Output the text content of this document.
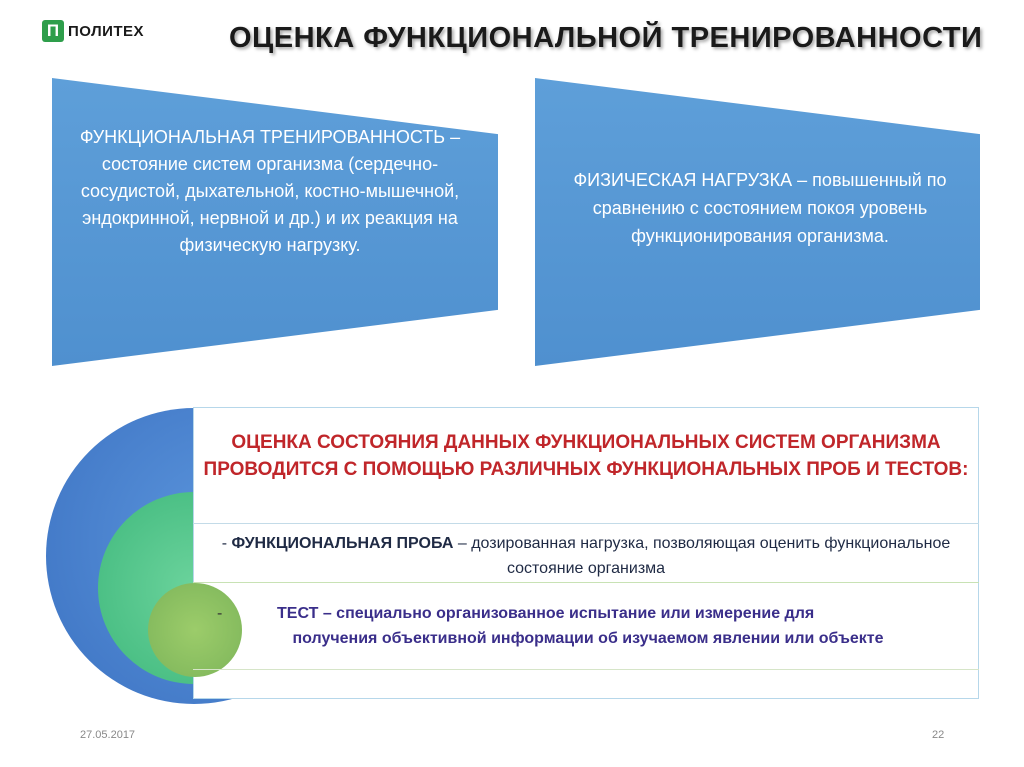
П ПОЛИТЕХ	ОЦЕНКА ФУНКЦИОНАЛЬНОЙ ТРЕНИРОВАННОСТИ
ФУНКЦИОНАЛЬНАЯ ТРЕНИРОВАННОСТЬ – состояние систем организма (сердечно-сосудистой, дыхательной, костно-мышечной, эндокринной, нервной и др.) и их реакция на физическую нагрузку.
ФИЗИЧЕСКАЯ НАГРУЗКА – повышенный по сравнению с состоянием покоя уровень функционирования организма.
ОЦЕНКА СОСТОЯНИЯ ДАННЫХ ФУНКЦИОНАЛЬНЫХ СИСТЕМ ОРГАНИЗМА ПРОВОДИТСЯ С ПОМОЩЬЮ РАЗЛИЧНЫХ ФУНКЦИОНАЛЬНЫХ ПРОБ И ТЕСТОВ:
- ФУНКЦИОНАЛЬНАЯ ПРОБА – дозированная нагрузка, позволяющая оценить функциональное состояние организма
-	ТЕСТ – специально организованное испытание или измерение для
получения объективной информации об изучаемом явлении или объекте
27.05.2017	22
